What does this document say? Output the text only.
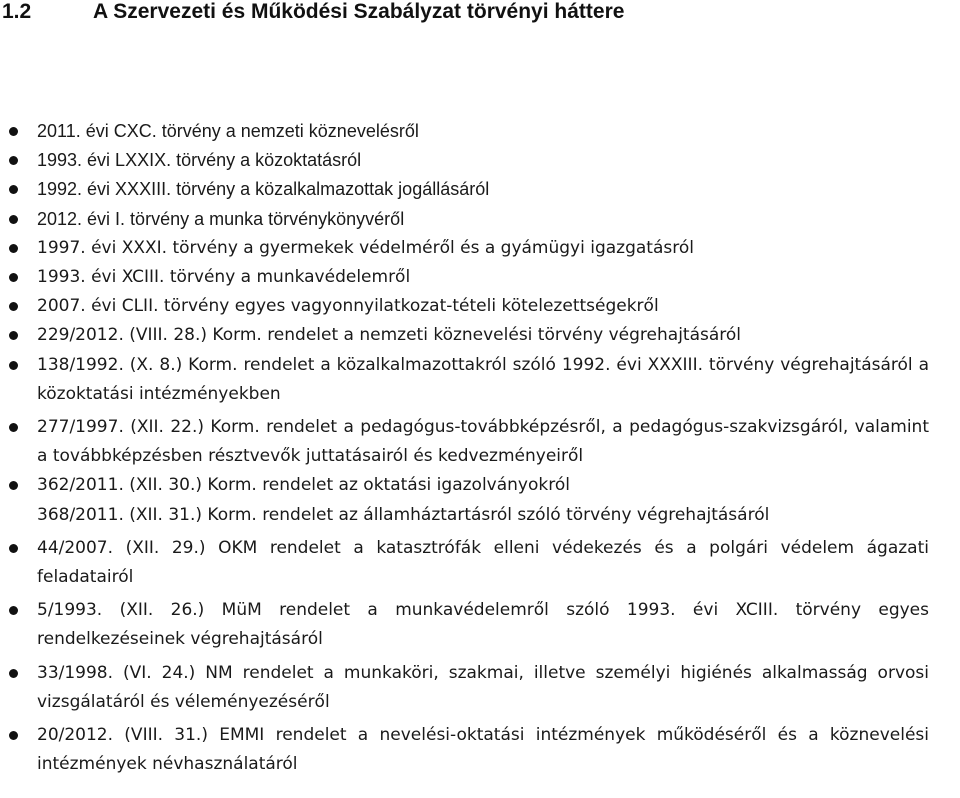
1.2	A Szervezeti és Működési Szabályzat törvényi háttere
2011. évi CXC. törvény a nemzeti köznevelésről
1993. évi LXXIX. törvény a közoktatásról
1992. évi XXXIII. törvény a közalkalmazottak jogállásáról
2012. évi I. törvény a munka törvénykönyvéről
1997. évi XXXI. törvény a gyermekek védelméről és a gyámügyi igazgatásról
1993. évi XCIII. törvény a munkavédelemről
2007. évi CLII. törvény egyes vagyonnyilatkozat-tételi kötelezettségekről
229/2012. (VIII. 28.) Korm. rendelet a nemzeti köznevelési törvény végrehajtásáról
138/1992. (X. 8.) Korm. rendelet a közalkalmazottakról szóló 1992. évi XXXIII. törvény végrehajtásáról a közoktatási intézményekben
277/1997. (XII. 22.) Korm. rendelet a pedagógus-továbbképzésről, a pedagógus-szakvizsgáról, valamint a továbbképzésben résztvevők juttatásairól és kedvezményeiről
362/2011. (XII. 30.) Korm. rendelet az oktatási igazolványokról
368/2011. (XII. 31.) Korm. rendelet az államháztartásról szóló törvény végrehajtásáról
44/2007. (XII. 29.) OKM rendelet a katasztrófák elleni védekezés és a polgári védelem ágazati feladatairól
5/1993. (XII. 26.) MüM rendelet a munkavédelemről szóló 1993. évi XCIII. törvény egyes rendelkezéseinek végrehajtásáról
33/1998. (VI. 24.) NM rendelet a munkaköri, szakmai, illetve személyi higiénés alkalmasság orvosi vizsgálatáról és véleményezéséről
20/2012. (VIII. 31.) EMMI rendelet a nevelési-oktatási intézmények működéséről és a köznevelési intézmények névhasználatáról
